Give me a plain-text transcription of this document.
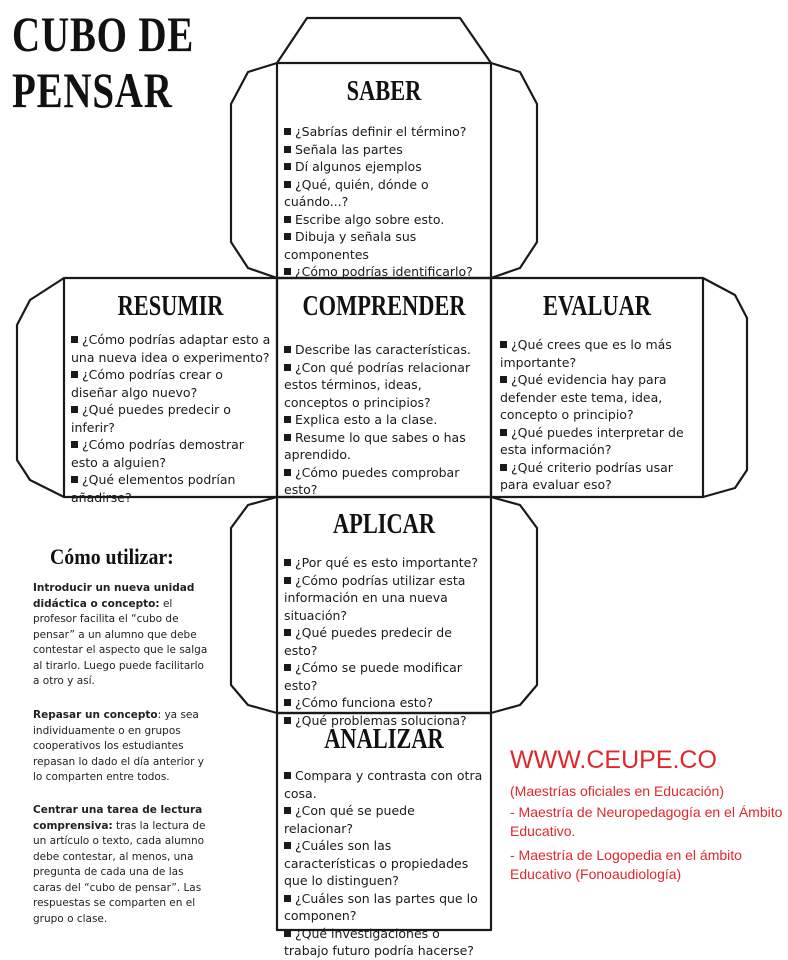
CUBO DE
PENSAR	SABER
¿Sabrías definir el término?
Señala las partes
Dí algunos ejemplos
¿Qué, quién, dónde o cuándo...?
Escribe algo sobre esto.
Dibuja y señala sus componentes
¿Cómo podrías identificarlo?
RESUMIR
¿Cómo podrías adaptar esto a una nueva idea o experimento?
¿Cómo podrías crear o diseñar algo nuevo?
¿Qué puedes predecir o inferir?
¿Cómo podrías demostrar esto a alguien?
¿Qué elementos podrían añadirse?
COMPRENDER
Describe las características.
¿Con qué podrías relacionar estos términos, ideas, conceptos o principios?
Explica esto a la clase.
Resume lo que sabes o has aprendido.
¿Cómo puedes comprobar esto?
EVALUAR
¿Qué crees que es lo más importante?
¿Qué evidencia hay para defender este tema, idea, concepto o principio?
¿Qué puedes interpretar de esta información?
¿Qué criterio podrías usar para evaluar eso?
APLICAR
¿Por qué es esto importante?
¿Cómo podrías utilizar esta información en una nueva situación?
¿Qué puedes predecir de esto?
¿Cómo se puede modificar esto?
¿Cómo funciona esto?
¿Qué problemas soluciona?
ANALIZAR
Compara y contrasta con otra cosa.
¿Con qué se puede relacionar?
¿Cuáles son las características o propiedades que lo distinguen?
¿Cuáles son las partes que lo componen?
¿Qué investigaciones o trabajo futuro podría hacerse?
Cómo utilizar:

Introducir un nueva unidad didáctica o concepto: el profesor facilita el “cubo de pensar” a un alumno que debe contestar el aspecto que le salga al tirarlo. Luego puede facilitarlo a otro y así.

Repasar un concepto: ya sea individuamente o en grupos cooperativos los estudiantes repasan lo dado el día anterior y lo comparten entre todos.

Centrar una tarea de lectura comprensiva: tras la lectura de un artículo o texto, cada alumno debe contestar, al menos, una pregunta de cada una de las caras del “cubo de pensar”. Las respuestas se comparten en el grupo o clase.

WWW.CEUPE.CO

(Maestrías oficiales en Educación)

- Maestría de Neuropedagogía en el Ámbito Educativo.

- Maestría de Logopedia en el ámbito Educativo (Fonoaudiología)
